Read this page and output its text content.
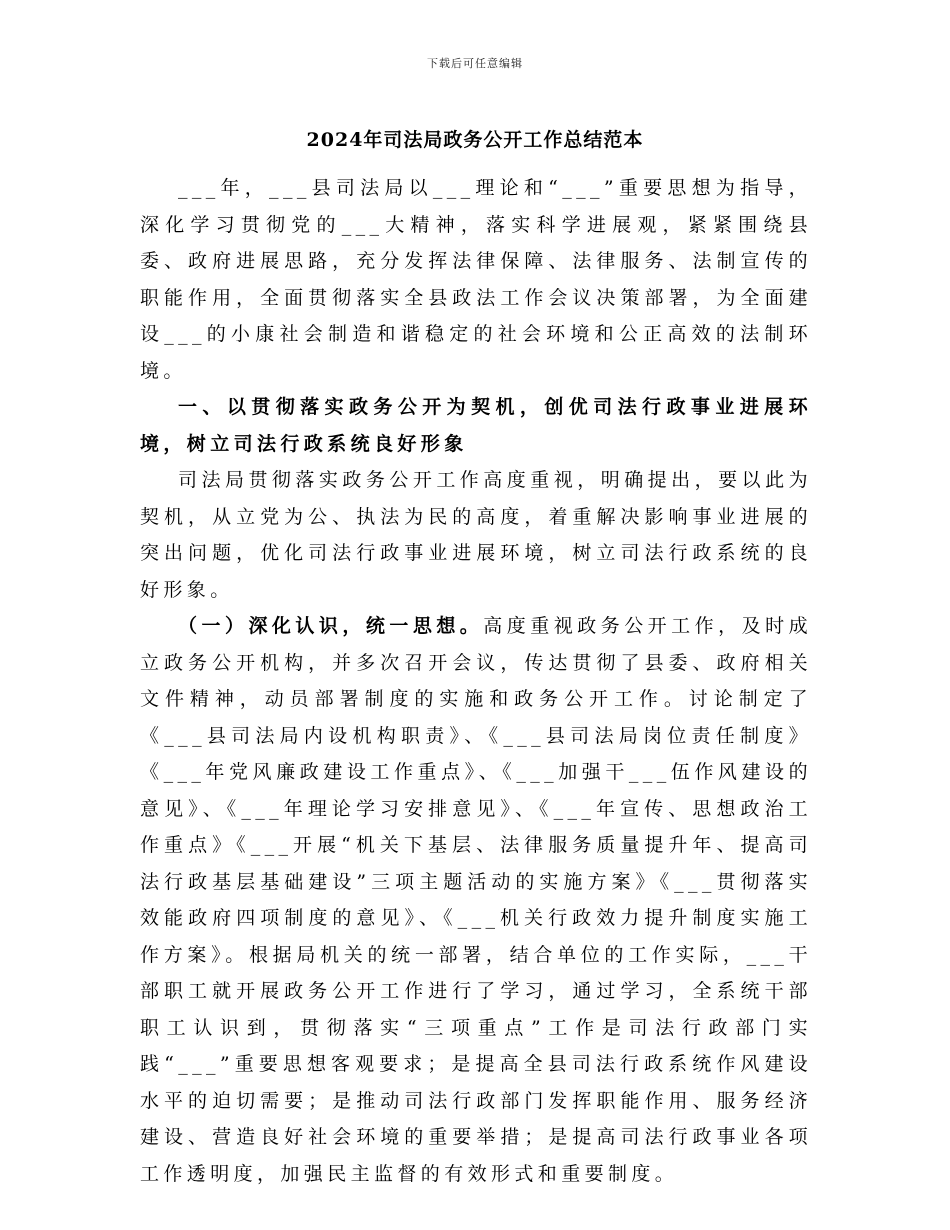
下载后可任意编辑
2024年司法局政务公开工作总结范本

___年，___县司法局以___理论和“___”重要思想为指导，深化学习贯彻党的___大精神，落实科学进展观，紧紧围绕县委、政府进展思路，充分发挥法律保障、法律服务、法制宣传的职能作用，全面贯彻落实全县政法工作会议决策部署，为全面建设___的小康社会制造和谐稳定的社会环境和公正高效的法制环境。

一、以贯彻落实政务公开为契机，创优司法行政事业进展环境，树立司法行政系统良好形象

司法局贯彻落实政务公开工作高度重视，明确提出，要以此为契机，从立党为公、执法为民的高度，着重解决影响事业进展的突出问题，优化司法行政事业进展环境，树立司法行政系统的良好形象。

（一）深化认识，统一思想。高度重视政务公开工作，及时成立政务公开机构，并多次召开会议，传达贯彻了县委、政府相关文件精神，动员部署制度的实施和政务公开工作。讨论制定了《___县司法局内设机构职责》、《___县司法局岗位责任制度》《___年党风廉政建设工作重点》、《___加强干___伍作风建设的意见》、《___年理论学习安排意见》、《___年宣传、思想政治工作重点》《___开展“机关下基层、法律服务质量提升年、提高司法行政基层基础建设”三项主题活动的实施方案》《___贯彻落实效能政府四项制度的意见》、《___机关行政效力提升制度实施工作方案》。根据局机关的统一部署，结合单位的工作实际，___干部职工就开展政务公开工作进行了学习，通过学习，全系统干部职工认识到，贯彻落实“三项重点”工作是司法行政部门实践“___”重要思想客观要求；是提高全县司法行政系统作风建设水平的迫切需要；是推动司法行政部门发挥职能作用、服务经济建设、营造良好社会环境的重要举措；是提高司法行政事业各项工作透明度，加强民主监督的有效形式和重要制度。
